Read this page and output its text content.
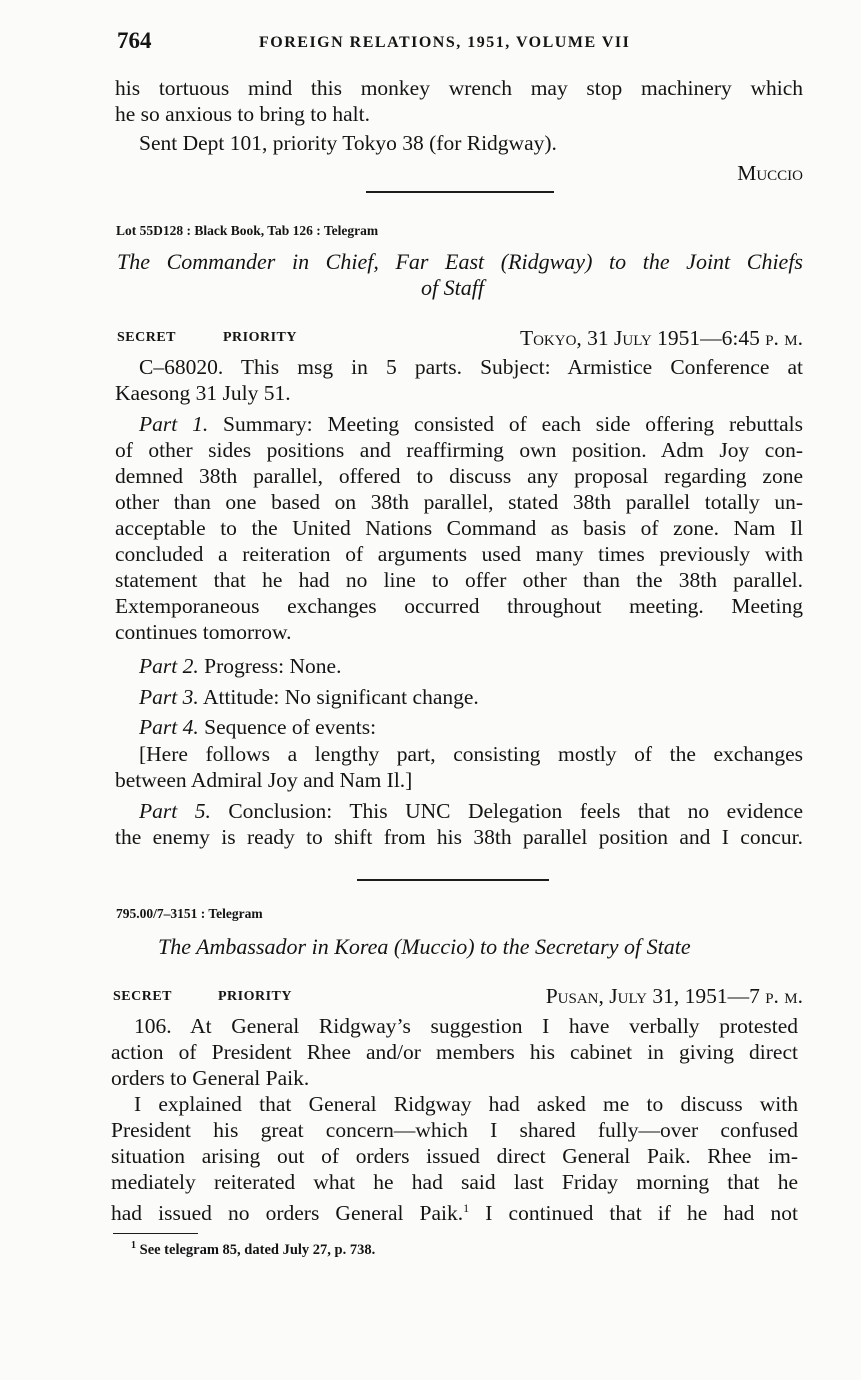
764	FOREIGN RELATIONS, 1951, VOLUME VII
his tortuous mind this monkey wrench may stop machinery which
he so anxious to bring to halt.
Sent Dept 101, priority Tokyo 38 (for Ridgway).
Muccio
Lot 55D128 : Black Book, Tab 126 : Telegram
The Commander in Chief, Far East (Ridgway) to the Joint Chiefs
of Staff
SECRET	PRIORITY	Tokyo, 31 July 1951—6:45 p. m.
C–68020. This msg in 5 parts. Subject: Armistice Conference at
Kaesong 31 July 51.
Part 1. Summary: Meeting consisted of each side offering rebuttals
of other sides positions and reaffirming own position. Adm Joy con-
demned 38th parallel, offered to discuss any proposal regarding zone
other than one based on 38th parallel, stated 38th parallel totally un-
acceptable to the United Nations Command as basis of zone. Nam Il
concluded a reiteration of arguments used many times previously with
statement that he had no line to offer other than the 38th parallel.
Extemporaneous exchanges occurred throughout meeting. Meeting
continues tomorrow.
Part 2. Progress: None.
Part 3. Attitude: No significant change.
Part 4. Sequence of events:
[Here follows a lengthy part, consisting mostly of the exchanges
between Admiral Joy and Nam Il.]
Part 5. Conclusion: This UNC Delegation feels that no evidence
the enemy is ready to shift from his 38th parallel position and I concur.
795.00/7–3151 : Telegram
The Ambassador in Korea (Muccio) to the Secretary of State
SECRET	PRIORITY	Pusan, July 31, 1951—7 p. m.
106. At General Ridgway’s suggestion I have verbally protested
action of President Rhee and/or members his cabinet in giving direct
orders to General Paik.
I explained that General Ridgway had asked me to discuss with
President his great concern—which I shared fully—over confused
situation arising out of orders issued direct General Paik. Rhee im-
mediately reiterated what he had said last Friday morning that he
had issued no orders General Paik.$^1$ I continued that if he had not
$^1$ See telegram 85, dated July 27, p. 738.
